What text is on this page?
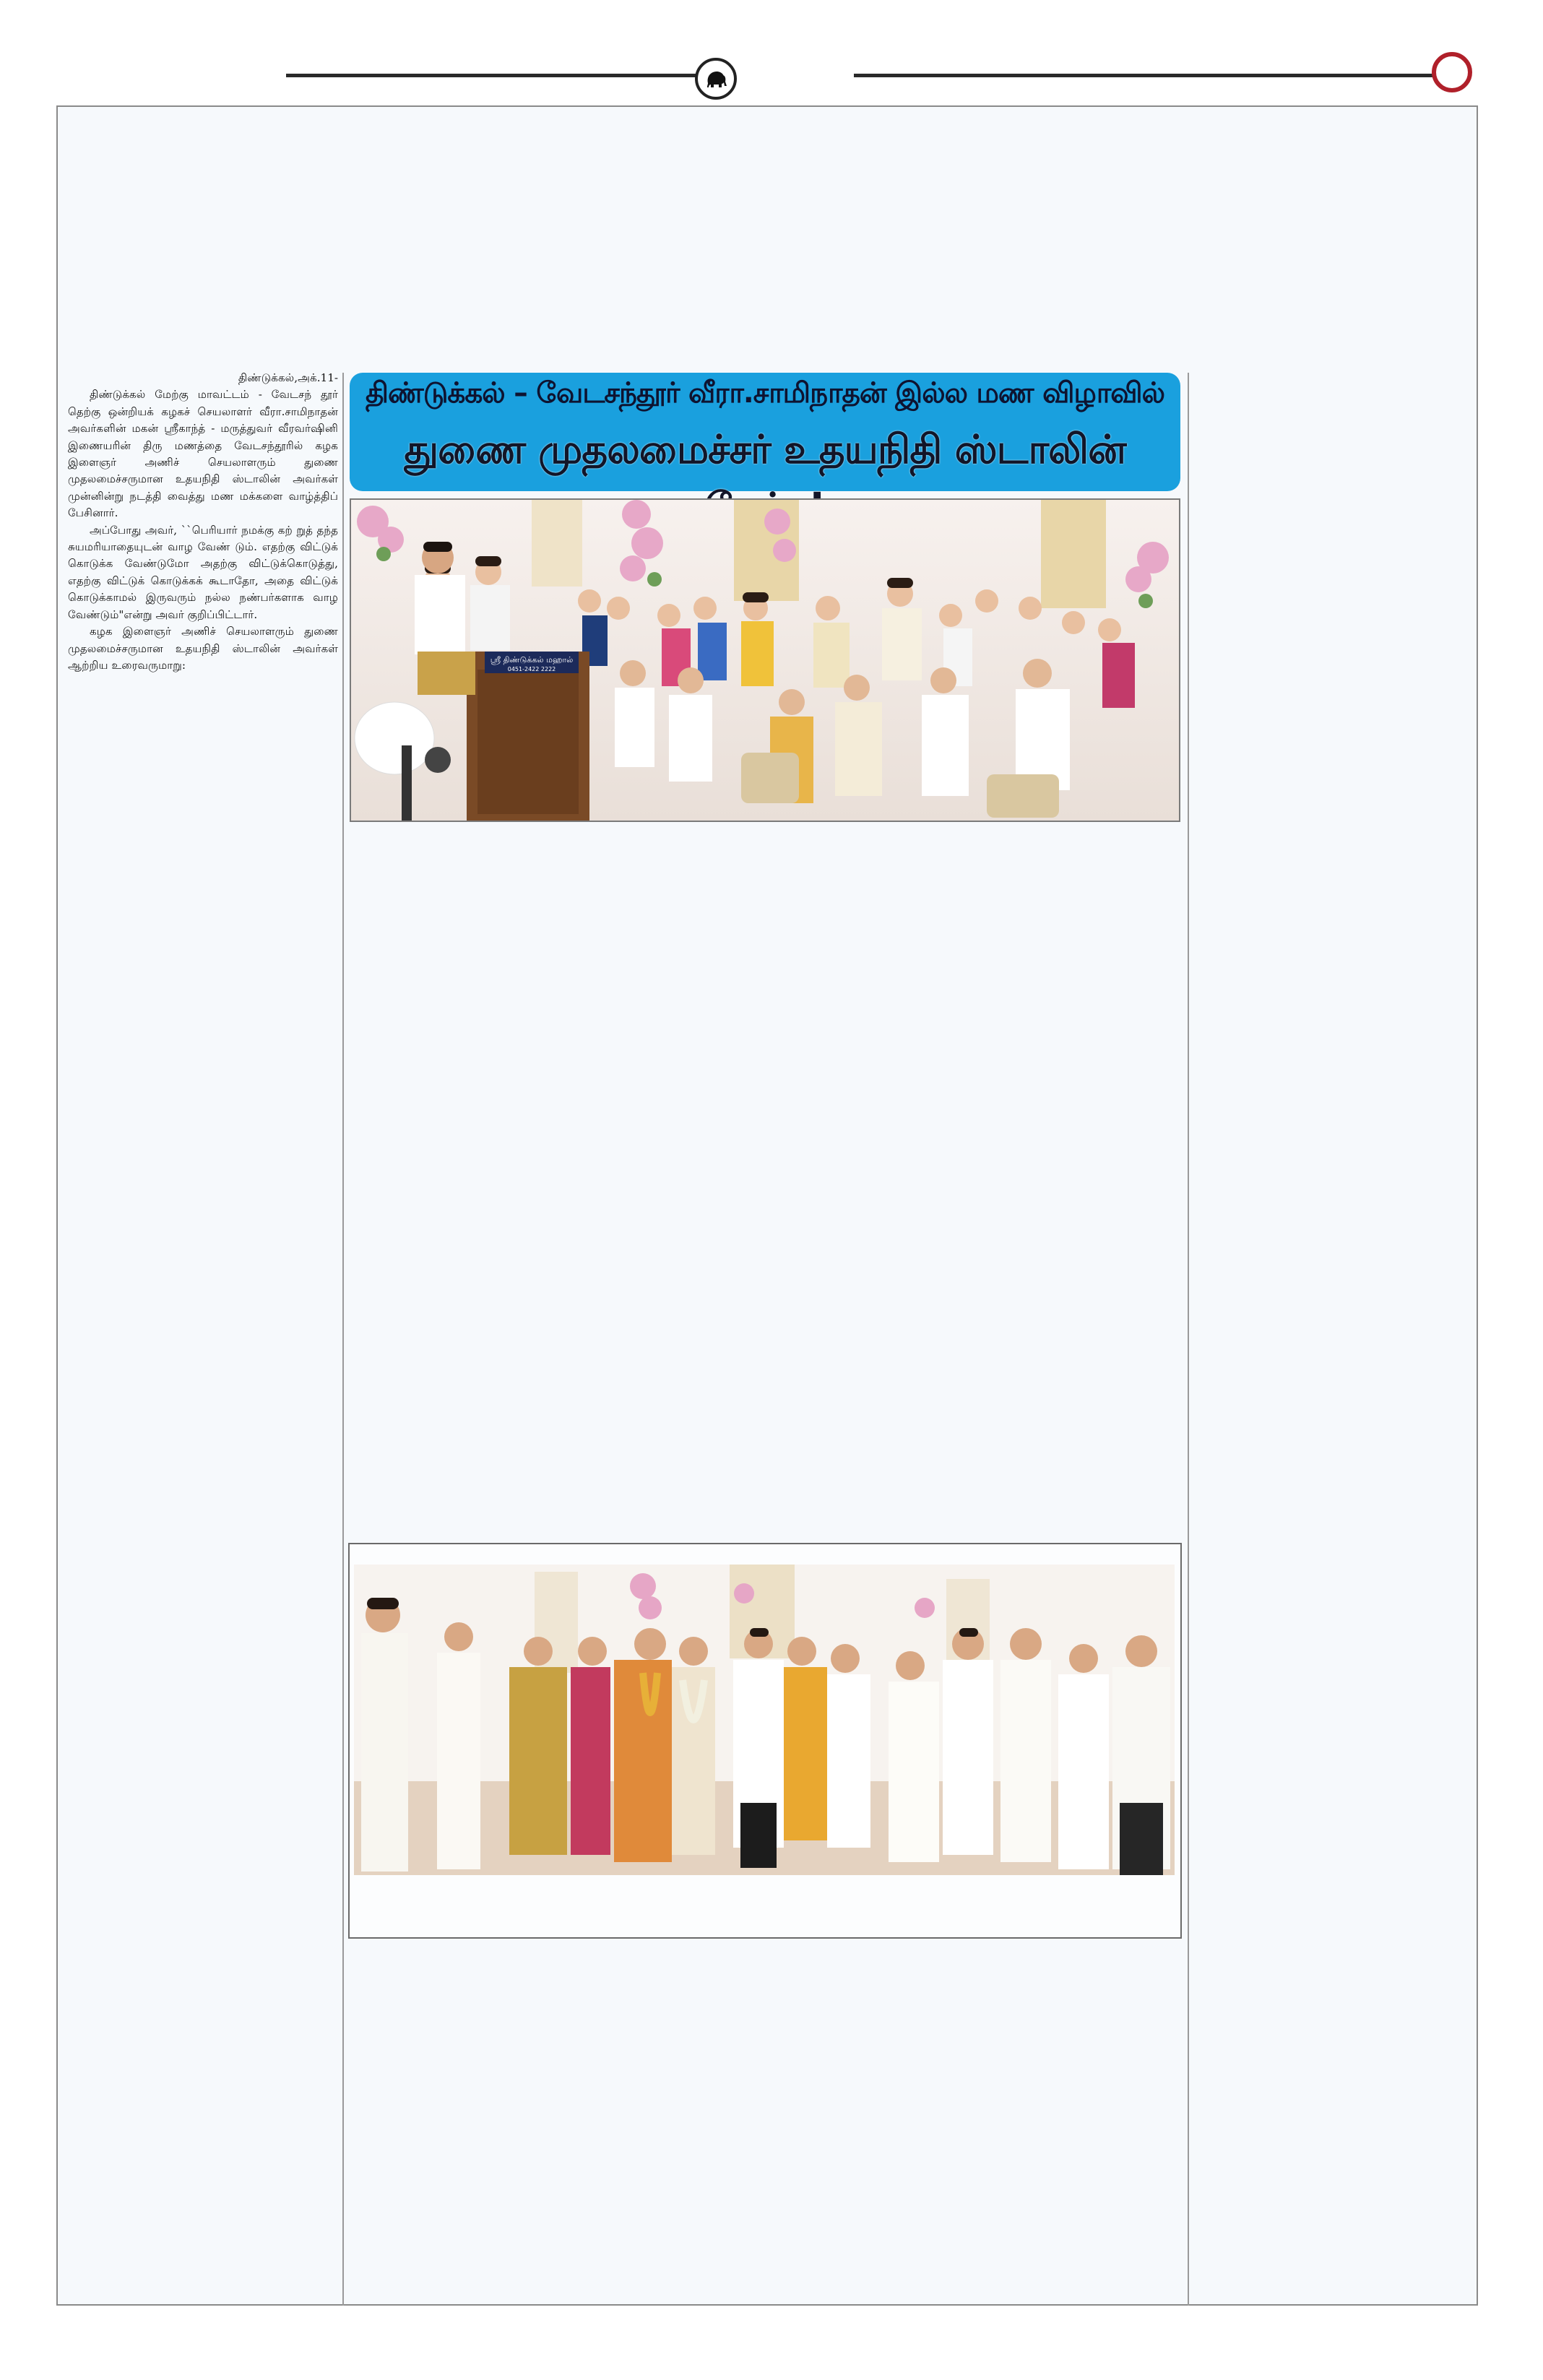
திண்டுக்கல்,அக்.11-

திண்டுக்கல் மேற்கு மாவட்டம் - வேடசந் தூர் தெற்கு ஒன்றியக் கழகச் செயலாளர் வீரா.சாமிநாதன் அவர்களின் மகன் ஸ்ரீகாந்த் - மருத்துவர் வீரவர்ஷினி இணையரின் திரு மணத்தை வேடசந்தூரில் கழக இளைஞர் அணிச் செயலாளரும் துணை முதலமைச்சருமான உதயநிதி ஸ்டாலின் அவர்கள் முன்னின்று நடத்தி வைத்து மண மக்களை வாழ்த்திப் பேசினார்.

அப்போது அவர், ``பெரியார் நமக்கு கற் றுத் தந்த சுயமரியாதையுடன் வாழ வேண் டும். எதற்கு விட்டுக் கொடுக்க வேண்டுமோ அதற்கு விட்டுக்கொடுத்து, எதற்கு விட்டுக் கொடுக்கக் கூடாதோ, அதை விட்டுக் கொடுக்காமல் இருவரும் நல்ல நண்பர்களாக வாழ வேண்டும்"என்று அவர் குறிப்பிட்டார்.

கழக இளைஞர் அணிச் செயலாளரும் துணை முதலமைச்சருமான உதயநிதி ஸ்டாலின் அவர்கள் ஆற்றிய உரைவருமாறு:

திண்டுக்கல் – வேடசந்தூர் வீரா.சாமிநாதன் இல்ல மண விழாவில்
துணை முதலமைச்சர் உதயநிதி ஸ்டாலின்
ஸ்ரீ திண்டுக்கல் மஹால்
0451-2422 2222
